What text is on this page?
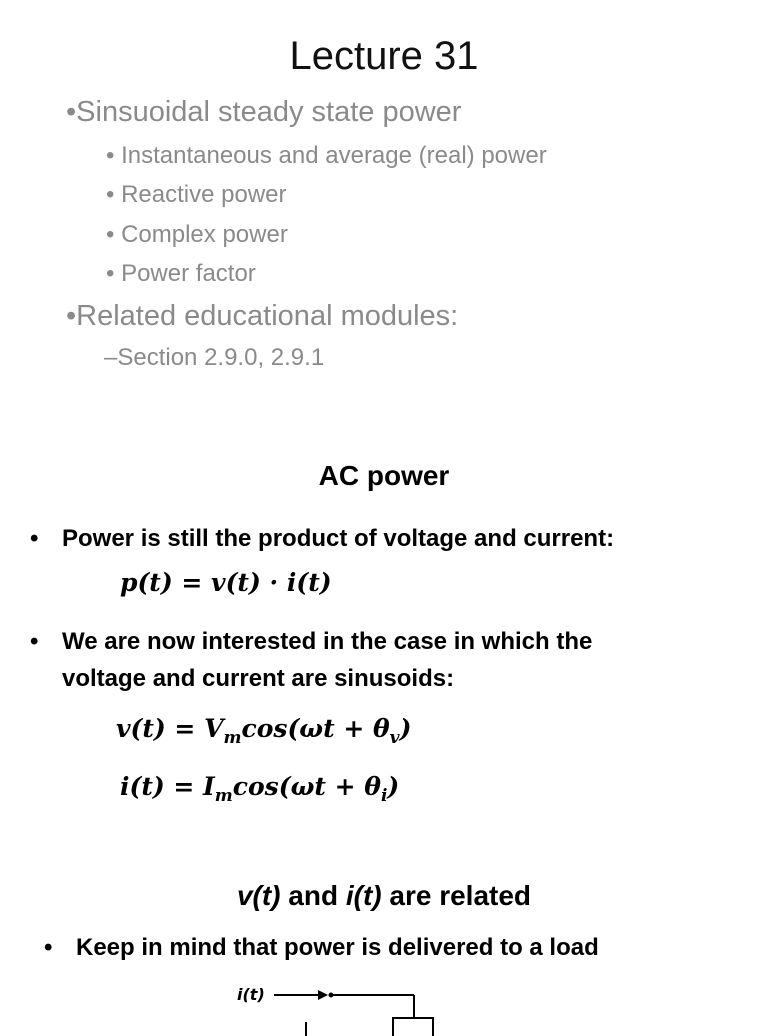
Lecture 31
•Sinsuoidal steady state power
• Instantaneous and average (real) power
• Reactive power
• Complex power
• Power factor
•Related educational modules:
–Section 2.9.0, 2.9.1
AC power
• Power is still the product of voltage and current:
p(t) = v(t) · i(t)
• We are now interested in the case in which the voltage and current are sinusoids:
$v(t) = V_m\cos(\omega t + \theta_v)$
$i(t) = I_m\cos(\omega t + \theta_i)$
v(t) and i(t) are related
• Keep in mind that power is delivered to a load
i(t)
